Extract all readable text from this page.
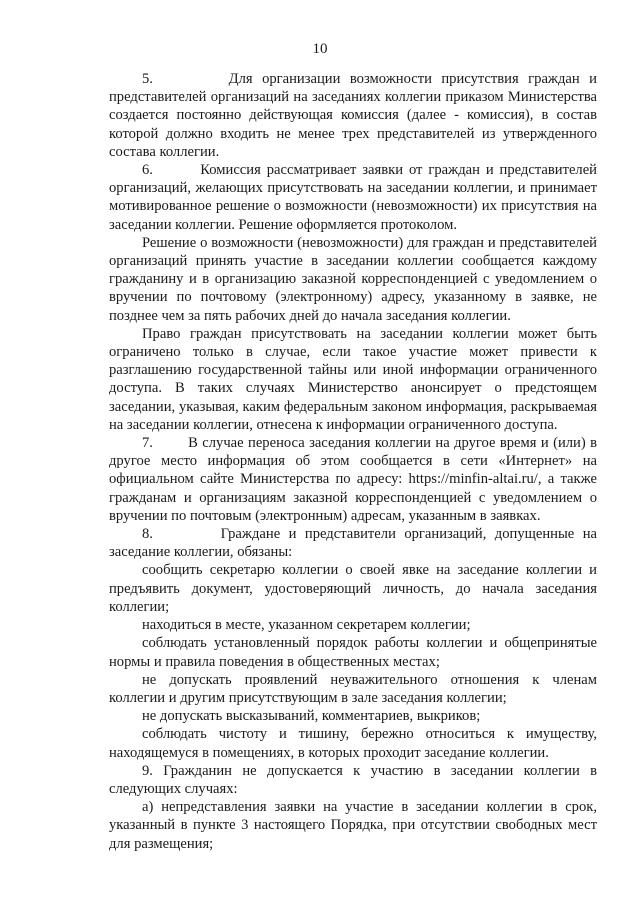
10

5.        Для организации возможности присутствия граждан и представителей организаций на заседаниях коллегии приказом Министерства создается постоянно действующая комиссия (далее - комиссия), в состав которой должно входить не менее трех представителей из утвержденного состава коллегии.

6.        Комиссия рассматривает заявки от граждан и представителей организаций, желающих присутствовать на заседании коллегии, и принимает мотивированное решение о возможности (невозможности) их присутствия на заседании коллегии. Решение оформляется протоколом.

Решение о возможности (невозможности) для граждан и представителей организаций принять участие в заседании коллегии сообщается каждому гражданину и в организацию заказной корреспонденцией с уведомлением о вручении по почтовому (электронному) адресу, указанному в заявке, не позднее чем за пять рабочих дней до начала заседания коллегии.

Право граждан присутствовать на заседании коллегии может быть ограничено только в случае, если такое участие может привести к разглашению государственной тайны или иной информации ограниченного доступа. В таких случаях Министерство анонсирует о предстоящем заседании, указывая, каким федеральным законом информация, раскрываемая на заседании коллегии, отнесена к информации ограниченного доступа.

7.        В случае переноса заседания коллегии на другое время и (или) в другое место информация об этом сообщается в сети «Интернет» на официальном сайте Министерства по адресу: https://minfin-altai.ru/, а также гражданам и организациям заказной корреспонденцией с уведомлением о вручении по почтовым (электронным) адресам, указанным в заявках.

8.        Граждане и представители организаций, допущенные на заседание коллегии, обязаны:

сообщить секретарю коллегии о своей явке на заседание коллегии и предъявить документ, удостоверяющий личность, до начала заседания коллегии;

находиться в месте, указанном секретарем коллегии;

соблюдать установленный порядок работы коллегии и общепринятые нормы и правила поведения в общественных местах;

не допускать проявлений неуважительного отношения к членам коллегии и другим присутствующим в зале заседания коллегии;

не допускать высказываний, комментариев, выкриков;

соблюдать чистоту и тишину, бережно относиться к имуществу, находящемуся в помещениях, в которых проходит заседание коллегии.

9. Гражданин не допускается к участию в заседании коллегии в следующих случаях:

а) непредставления заявки на участие в заседании коллегии в срок, указанный в пункте 3 настоящего Порядка, при отсутствии свободных мест для размещения;
